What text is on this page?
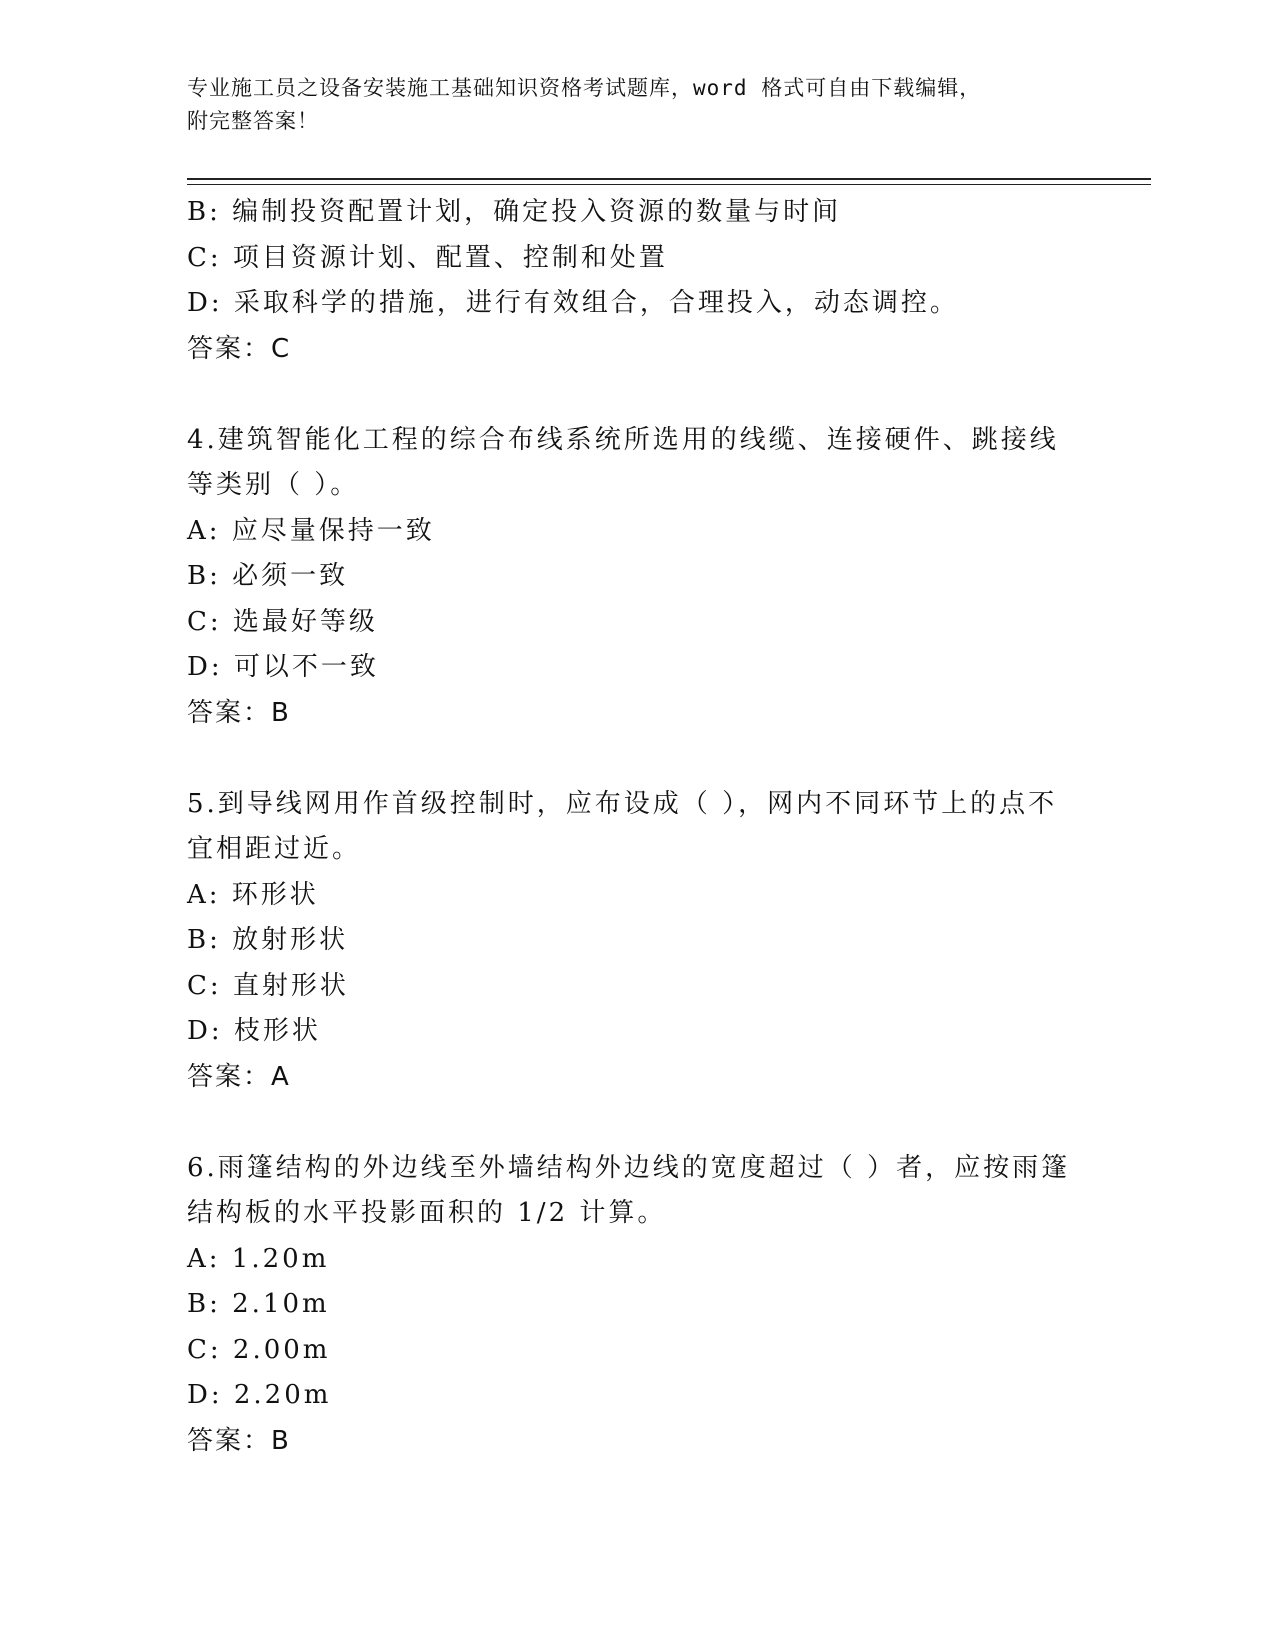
专业施工员之设备安装施工基础知识资格考试题库，word 格式可自由下载编辑，
附完整答案！
B: 编制投资配置计划，确定投入资源的数量与时间
C: 项目资源计划、配置、控制和处置
D: 采取科学的措施，进行有效组合，合理投入，动态调控。
答案：C
4.建筑智能化工程的综合布线系统所选用的线缆、连接硬件、跳接线
等类别（ ）。
A: 应尽量保持一致
B: 必须一致
C: 选最好等级
D: 可以不一致
答案：B
5.到导线网用作首级控制时，应布设成（ ），网内不同环节上的点不
宜相距过近。
A: 环形状
B: 放射形状
C: 直射形状
D: 枝形状
答案：A
6.雨篷结构的外边线至外墙结构外边线的宽度超过（ ）者，应按雨篷
结构板的水平投影面积的 1/2 计算。
A: 1.20m
B: 2.10m
C: 2.00m
D: 2.20m
答案：B
